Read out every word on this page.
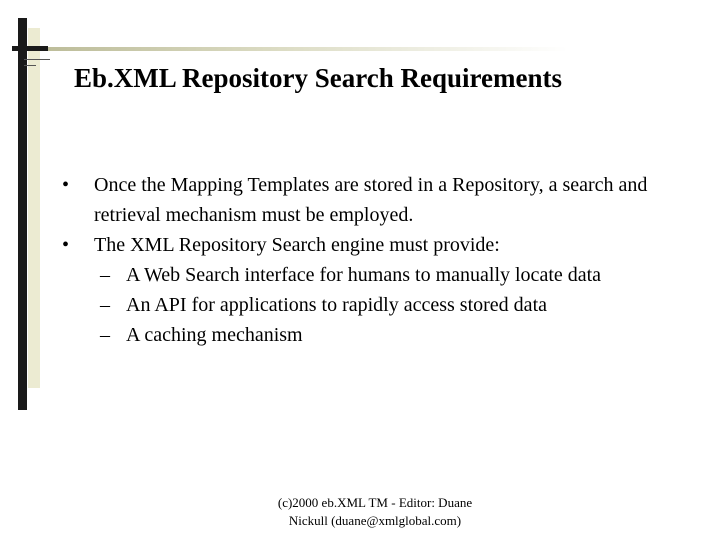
Eb.XML Repository Search Requirements
• Once the Mapping Templates are stored in a Repository, a search and retrieval mechanism must be employed.
• The XML Repository Search engine must provide:
– A Web Search interface for humans to manually locate data
– An API for applications to rapidly access stored data
– A caching mechanism
(c)2000 eb.XML TM - Editor: Duane
Nickull (duane@xmlglobal.com)
